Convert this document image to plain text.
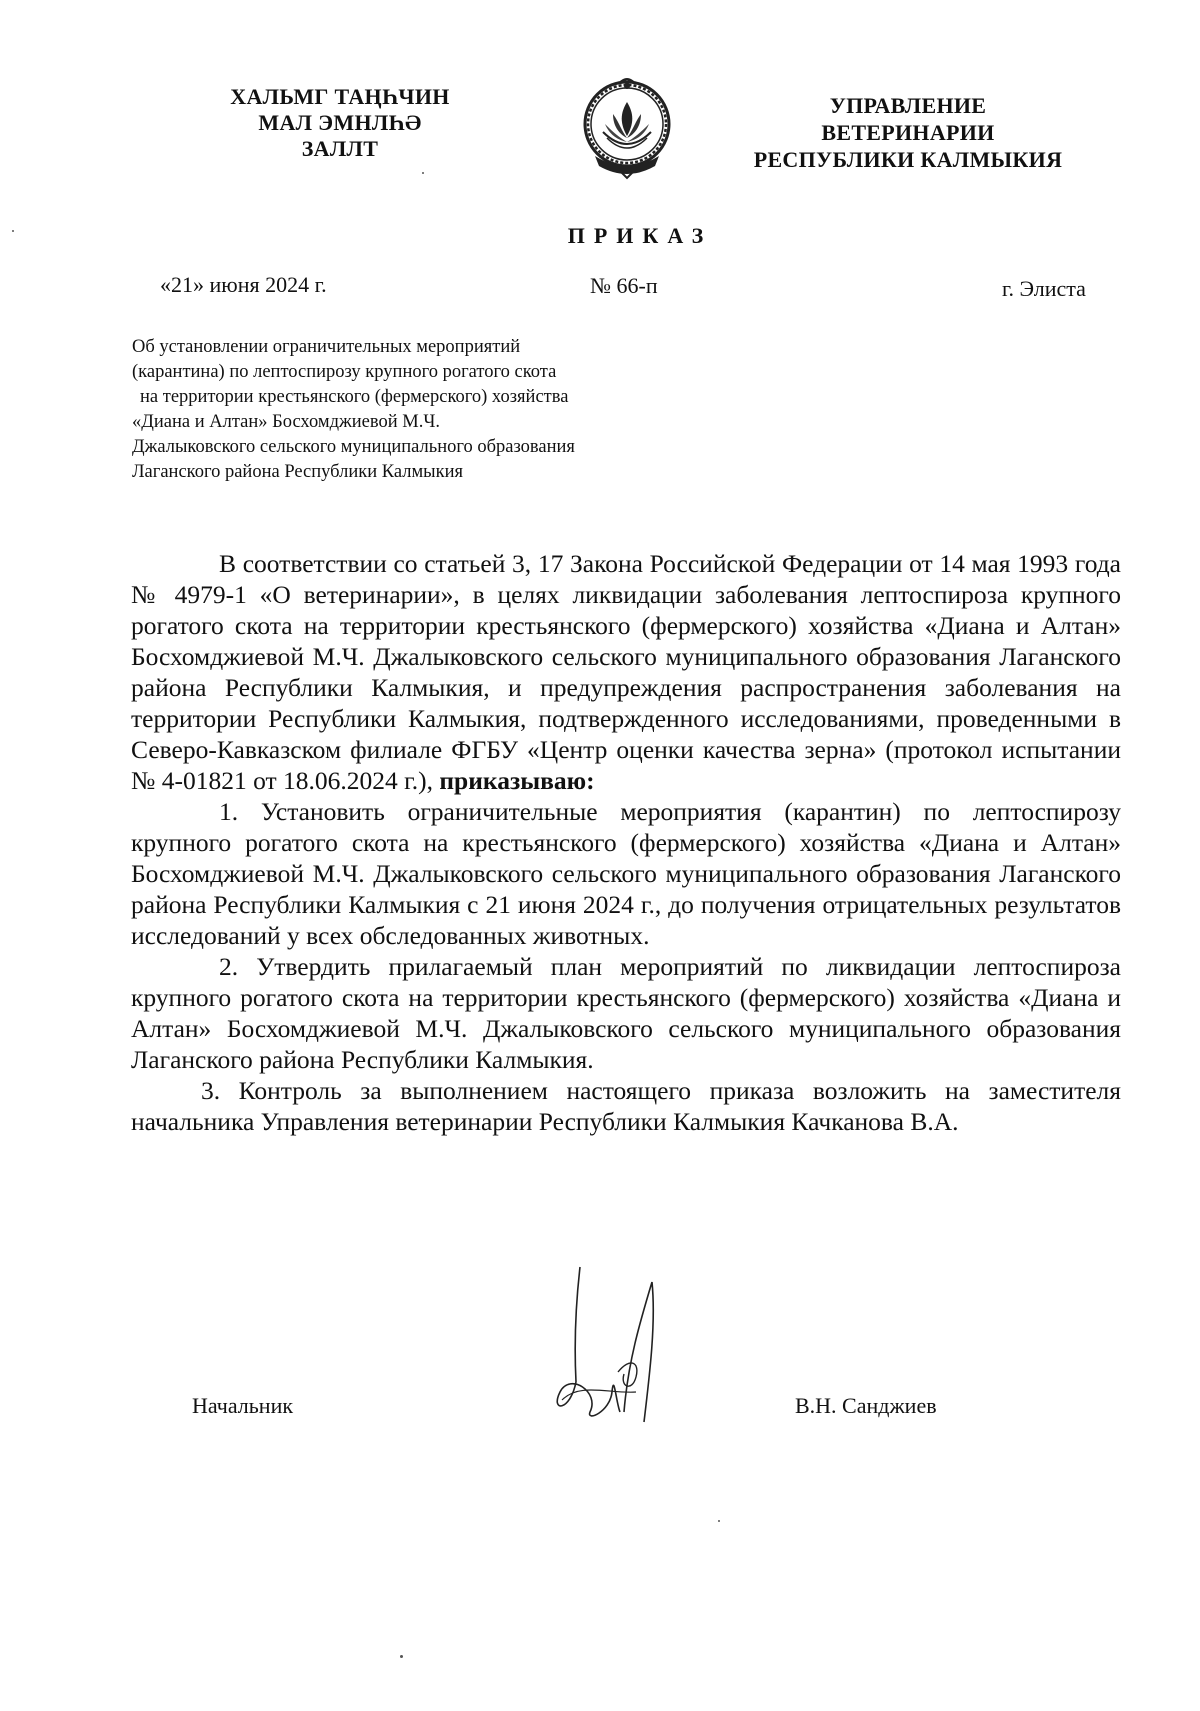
ХАЛЬМГ ТАҢҺЧИН
МАЛ ЭМНЛҺӘ
ЗАЛЛТ
УПРАВЛЕНИЕ
ВЕТЕРИНАРИИ
РЕСПУБЛИКИ КАЛМЫКИЯ
ПРИКАЗ
«21» июня 2024 г.	№ 66-п	г. Элиста
Об установлении ограничительных мероприятий
(карантина) по лептоспирозу крупного рогатого скота
на территории крестьянского (фермерского) хозяйства
«Диана и Алтан» Босхомджиевой М.Ч.
Джалыковского сельского муниципального образования
Лаганского района Республики Калмыкия

В соответствии со статьей 3, 17 Закона Российской Федерации от 14 мая 1993 года № 4979-1 «О ветеринарии», в целях ликвидации заболевания лептоспироза крупного рогатого скота на территории крестьянского (фермерского) хозяйства «Диана и Алтан» Босхомджиевой М.Ч. Джалыковского сельского муниципального образования Лаганского района Республики Калмыкия, и предупреждения распространения заболевания на территории Республики Калмыкия, подтвержденного исследованиями, проведенными в Северо-Кавказском филиале ФГБУ «Центр оценки качества зерна» (протокол испытании № 4-01821 от 18.06.2024 г.), приказываю:

1. Установить ограничительные мероприятия (карантин) по лептоспирозу крупного рогатого скота на крестьянского (фермерского) хозяйства «Диана и Алтан» Босхомджиевой М.Ч. Джалыковского сельского муниципального образования Лаганского района Республики Калмыкия с 21 июня 2024 г., до получения отрицательных результатов исследований у всех обследованных животных.

2. Утвердить прилагаемый план мероприятий по ликвидации лептоспироза крупного рогатого скота на территории крестьянского (фермерского) хозяйства «Диана и Алтан» Босхомджиевой М.Ч. Джалыковского сельского муниципального образования Лаганского района Республики Калмыкия.

3. Контроль за выполнением настоящего приказа возложить на заместителя начальника Управления ветеринарии Республики Калмыкия Качканова В.А.

Начальник	В.Н. Санджиев
